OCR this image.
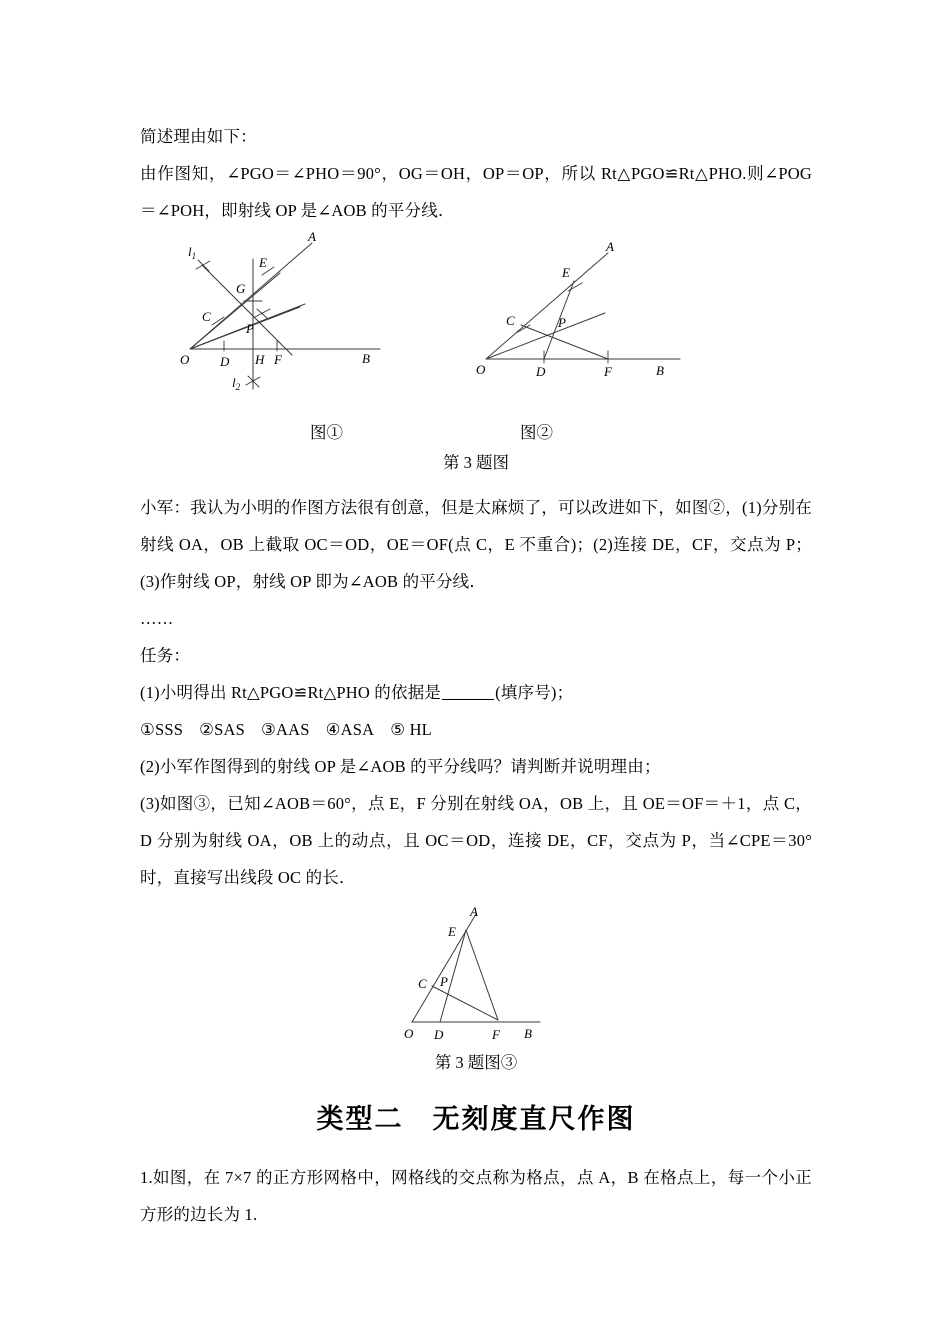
简述理由如下：

由作图知，∠PGO＝∠PHO＝90°，OG＝OH，OP＝OP，所以 Rt△PGO≌Rt△PHO.则∠POG＝∠POH，即射线 OP 是∠AOB 的平分线．

A
E
G
C
P
O D H F	B
$l_1$
$l_2$
A
E
C	P
O	D	F	B
图①	图②
第 3 题图

小军：我认为小明的作图方法很有创意，但是太麻烦了，可以改进如下，如图②，(1)分别在射线 OA，OB 上截取 OC＝OD，OE＝OF(点 C，E 不重合)；(2)连接 DE，CF，交点为 P；(3)作射线 OP，射线 OP 即为∠AOB 的平分线．

……

任务：

(1)小明得出 Rt△PGO≌Rt△PHO 的依据是	(填序号)；

①SSS ②SAS ③AAS ④ASA ⑤ HL

(2)小军作图得到的射线 OP 是∠AOB 的平分线吗？请判断并说明理由；

(3)如图③，已知∠AOB＝60°，点 E，F 分别在射线 OA，OB 上，且 OE＝OF＝＋1，点 C，D 分别为射线 OA，OB 上的动点，且 OC＝OD，连接 DE，CF，交点为 P，当∠CPE＝30°时，直接写出线段 OC 的长．

A
E
C P
O D	F B
第 3 题图③
类型二　无刻度直尺作图

1.如图，在 7×7 的正方形网格中，网格线的交点称为格点，点 A，B 在格点上，每一个小正方形的边长为 1.
